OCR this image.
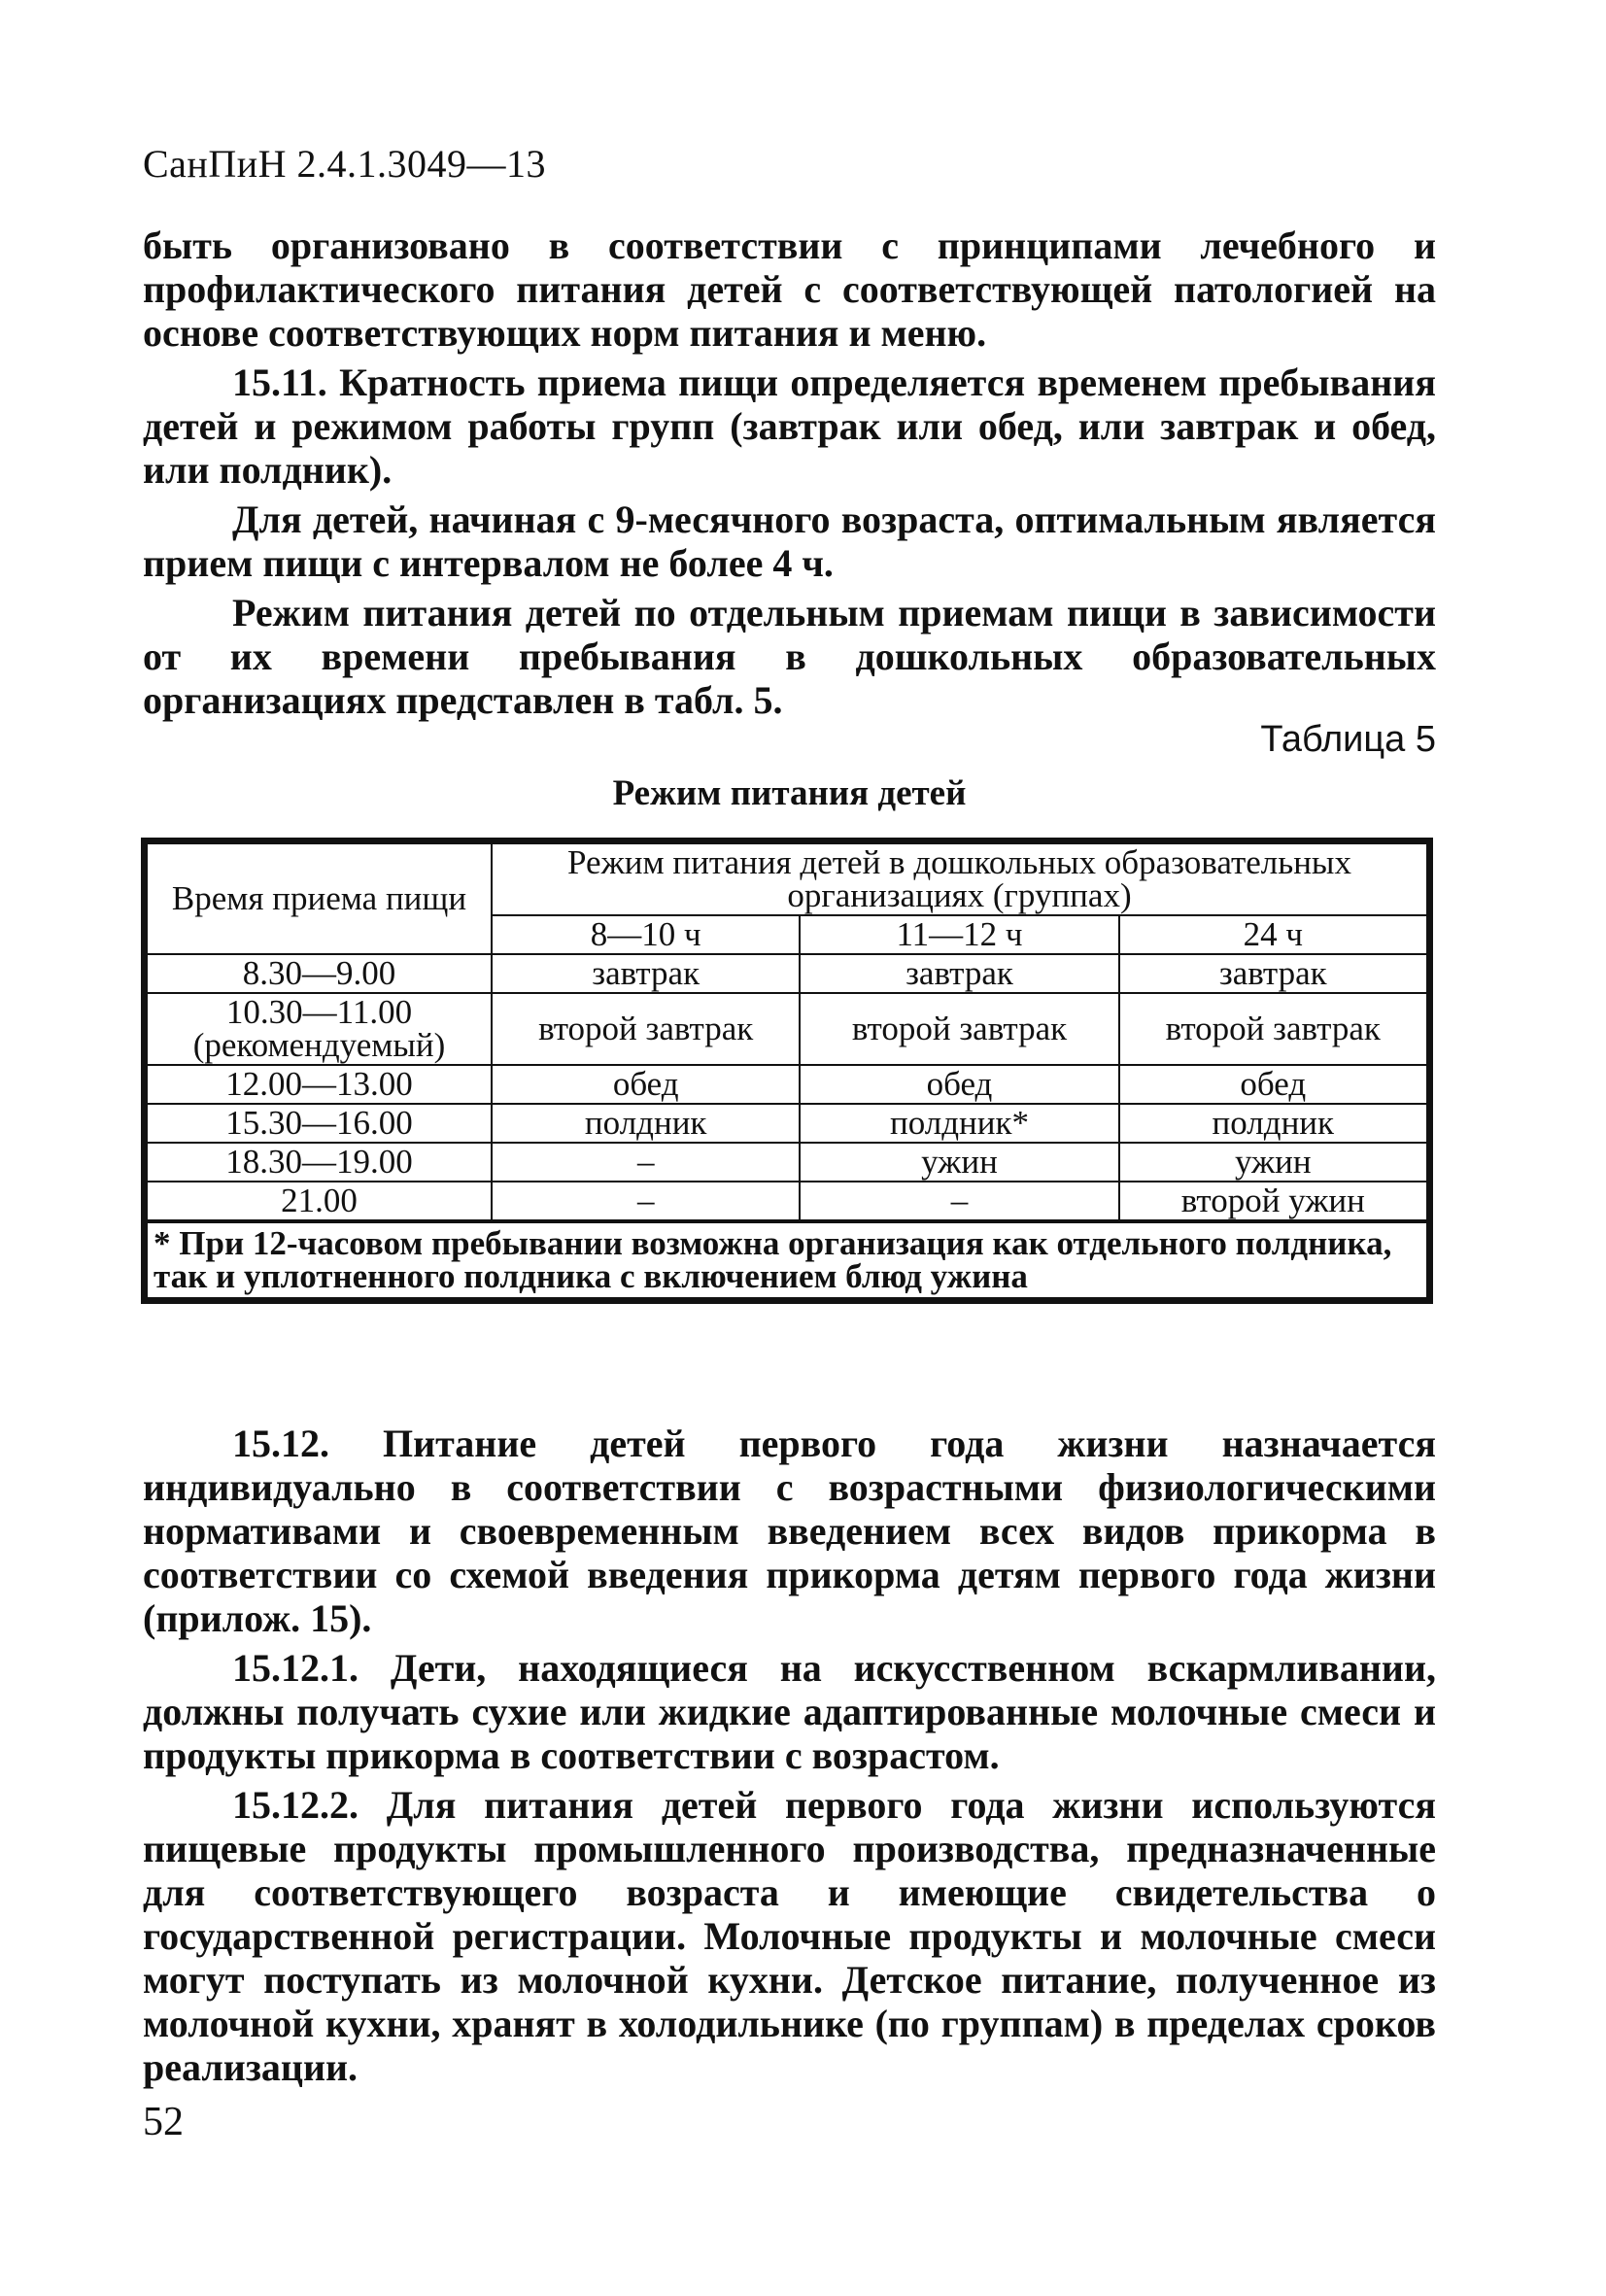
СанПиН 2.4.1.3049—13

быть организовано в соответствии с принципами лечебного и профилактического питания детей с соответствующей патологией на основе соответствующих норм питания и меню.

15.11. Кратность приема пищи определяется временем пребывания детей и режимом работы групп (завтрак или обед, или завтрак и обед, или полдник).

Для детей, начиная с 9-месячного возраста, оптимальным является прием пищи с интервалом не более 4 ч.

Режим питания детей по отдельным приемам пищи в зависимости от их времени пребывания в дошкольных образовательных организациях представлен в табл. 5.

Таблица 5
Режим питания детей
Время приема пищи	Режим питания детей в дошкольных образовательных организациях (группах)		
	8—10 ч	11—12 ч	24 ч
8.30—9.00	завтрак	завтрак	завтрак
10.30—11.00 (рекомендуемый)	второй завтрак	второй завтрак	второй завтрак
12.00—13.00	обед	обед	обед
15.30—16.00	полдник	полдник*	полдник
18.30—19.00	–	ужин	ужин
21.00	–	–	второй ужин
* При 12-часовом пребывании возможна организация как отдельного полдника, так и уплотненного полдника с включением блюд ужина			

15.12. Питание детей первого года жизни назначается индивидуально в соответствии с возрастными физиологическими нормативами и своевременным введением всех видов прикорма в соответствии со схемой введения прикорма детям первого года жизни (прилож. 15).

15.12.1. Дети, находящиеся на искусственном вскармливании, должны получать сухие или жидкие адаптированные молочные смеси и продукты прикорма в соответствии с возрастом.

15.12.2. Для питания детей первого года жизни используются пищевые продукты промышленного производства, предназначенные для соответствующего возраста и имеющие свидетельства о государственной регистрации. Молочные продукты и молочные смеси могут поступать из молочной кухни. Детское питание, полученное из молочной кухни, хранят в холодильнике (по группам) в пределах сроков реализации.

52
